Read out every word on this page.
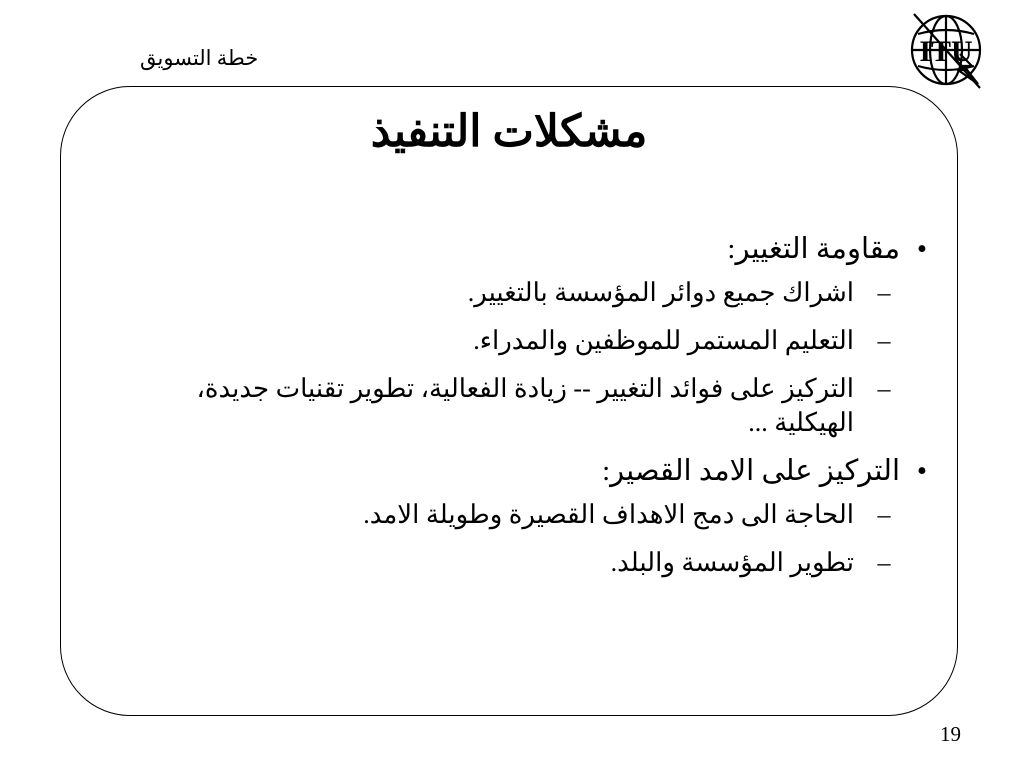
خطة التسويق	ITU
مشكلات التنفيذ
•
مقاومة التغيير:
–
اشراك جميع دوائر المؤسسة بالتغيير.
–
التعليم المستمر للموظفين والمدراء.
–
التركيز على فوائد التغيير -- زيادة الفعالية، تطوير تقنيات جديدة، الهيكلية ...
•
التركيز على الامد القصير:
–
الحاجة الى دمج الاهداف القصيرة وطويلة الامد.
–
تطوير المؤسسة والبلد.
19
